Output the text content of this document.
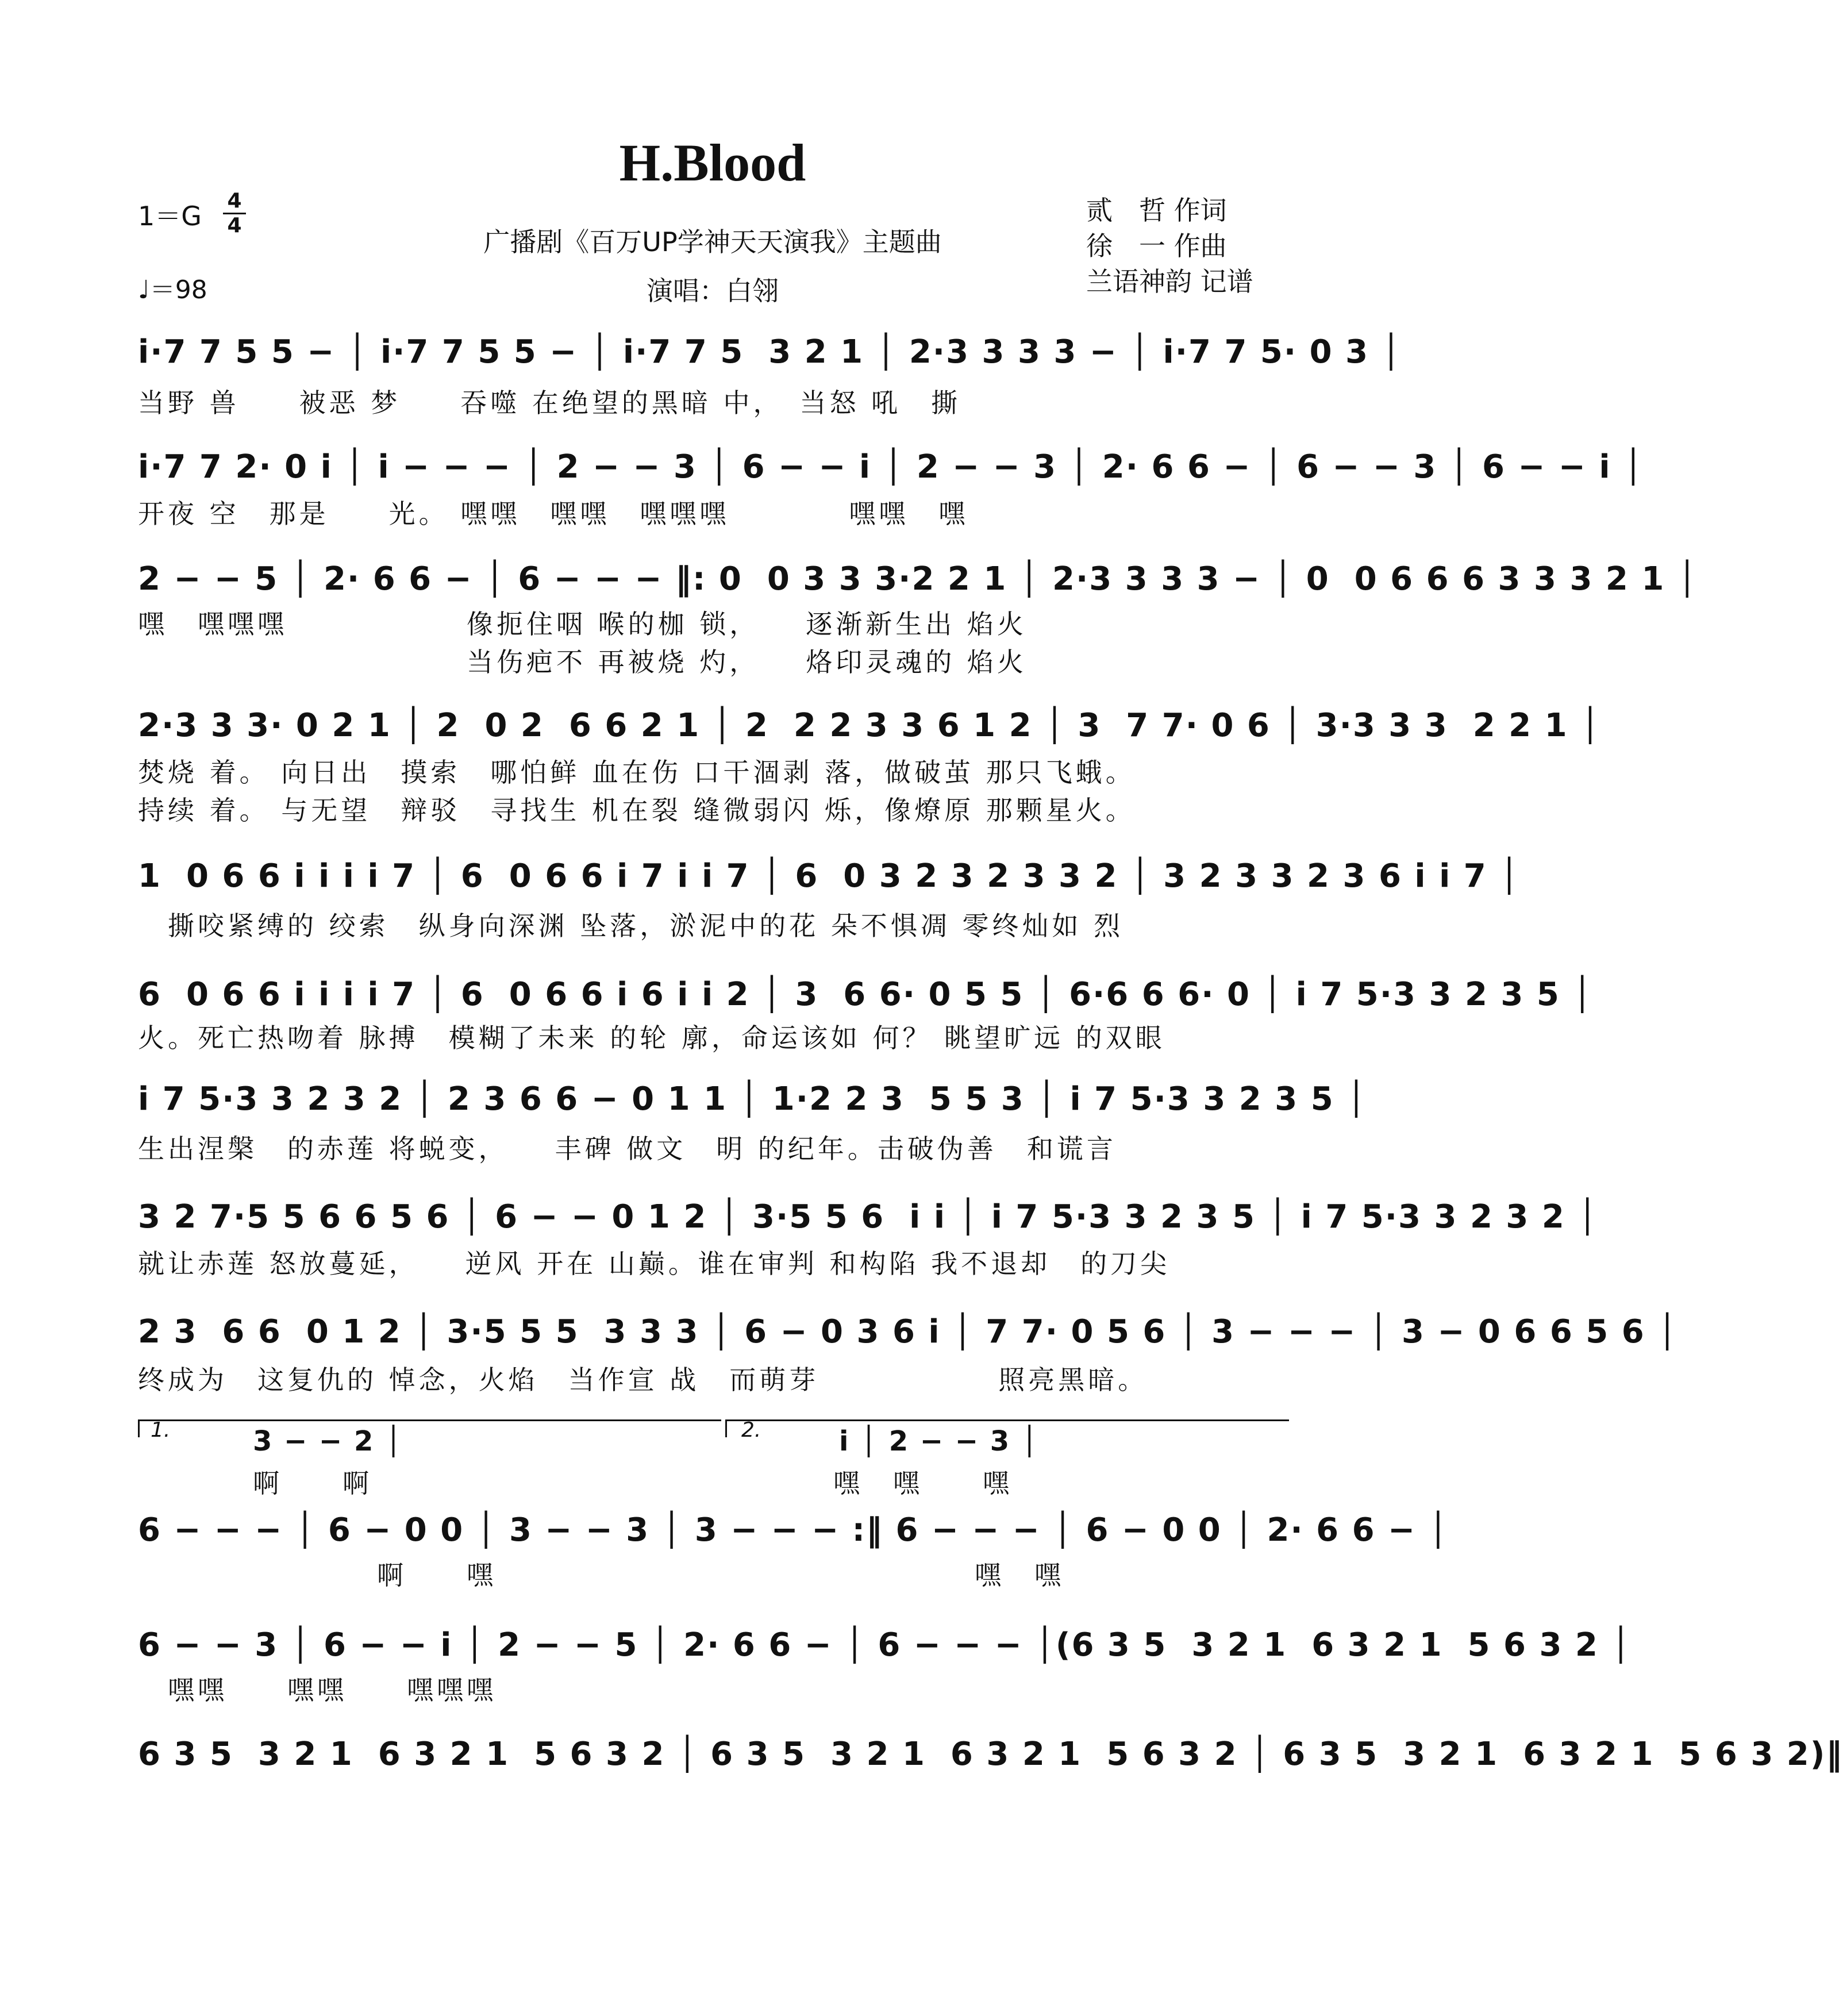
H.Blood
广播剧《百万UP学神天天演我》主题曲
演唱：白翎
$1=G \frac{4}{4}$
♩＝98
贰　哲 作词
徐　一 作曲
兰语神韵 记谱
i·7 7 5 5 − │ i·7 7 5 5 − │ i·7 7 5  3 2 1 │ 2·3 3 3 3 − │ i·7 7 5· 0 3 │
当野 兽　　被恶 梦　　吞噬 在绝望的黑暗 中，　当怒 吼　撕
i·7 7 2· 0 i │ i − − − │ 2 − − 3 │ 6 − − i │ 2 − − 3 │ 2· 6 6 − │ 6 − − 3 │ 6 − − i │
开夜 空　那是　　光。 嘿嘿　嘿嘿　嘿嘿嘿　　　　嘿嘿　嘿
2 − − 5 │ 2· 6 6 − │ 6 − − − ‖: 0  0 3 3 3·2 2 1 │ 2·3 3 3 3 − │ 0  0 6 6 6 3 3 3 2 1 │
嘿　嘿嘿嘿　　　　　　像扼住咽 喉的枷 锁，　　逐渐新生出 焰火
　　　　　　　　　　　当伤疤不 再被烧 灼，　　烙印灵魂的 焰火
2·3 3 3· 0 2 1 │ 2  0 2  6 6 2 1 │ 2  2 2 3 3 6 1 2 │ 3  7 7· 0 6 │ 3·3 3 3  2 2 1 │
焚烧 着。 向日出　摸索　哪怕鲜 血在伤 口干涸剥 落，做破茧 那只飞蛾。
持续 着。 与无望　辩驳　寻找生 机在裂 缝微弱闪 烁，像燎原 那颗星火。
1  0 6 6 i i i i 7 │ 6  0 6 6 i 7 i i 7 │ 6  0 3 2 3 2 3 3 2 │ 3 2 3 3 2 3 6 i i 7 │
　撕咬紧缚的 绞索　纵身向深渊 坠落，淤泥中的花 朵不惧凋 零终灿如 烈
6  0 6 6 i i i i 7 │ 6  0 6 6 i 6 i i 2 │ 3  6 6· 0 5 5 │ 6·6 6 6· 0 │ i 7 5·3 3 2 3 5 │
火。死亡热吻着 脉搏　模糊了未来 的轮 廓，命运该如 何？ 眺望旷远 的双眼
i 7 5·3 3 2 3 2 │ 2 3 6 6 − 0 1 1 │ 1·2 2 3  5 5 3 │ i 7 5·3 3 2 3 5 │
生出涅槃　的赤莲 将蜕变，　　丰碑 做文　明 的纪年。击破伪善　和谎言
3 2 7·5 5 6 6 5 6 │ 6 − − 0 1 2 │ 3·5 5 6  i i │ i 7 5·3 3 2 3 5 │ i 7 5·3 3 2 3 2 │
就让赤莲 怒放蔓延，　　逆风 开在 山巅。谁在审判 和构陷 我不退却　的刀尖
2 3  6 6  0 1 2 │ 3·5 5 5  3 3 3 │ 6 − 0 3 6 i │ 7 7· 0 5 6 │ 3 − − − │ 3 − 0 6 6 5 6 │
终成为　这复仇的 悼念，火焰　当作宣 战　而萌芽　　　　　　照亮黑暗。
1.	3 − − 2 │
啊　　啊
2.	i │ 2 − − 3 │
嘿　嘿　　嘿
6 − − − │ 6 − 0 0 │ 3 − − 3 │ 3 − − − :‖ 6 − − − │ 6 − 0 0 │ 2· 6 6 − │
　　　　　　　　啊　　嘿　　　　　　　　　　　　　　　　嘿　嘿
6 − − 3 │ 6 − − i │ 2 − − 5 │ 2· 6 6 − │ 6 − − − │(6 3 5  3 2 1  6 3 2 1  5 6 3 2 │
　嘿嘿　　嘿嘿　　嘿嘿嘿
6 3 5  3 2 1  6 3 2 1  5 6 3 2 │ 6 3 5  3 2 1  6 3 2 1  5 6 3 2 │ 6 3 5  3 2 1  6 3 2 1  5 6 3 2)‖
